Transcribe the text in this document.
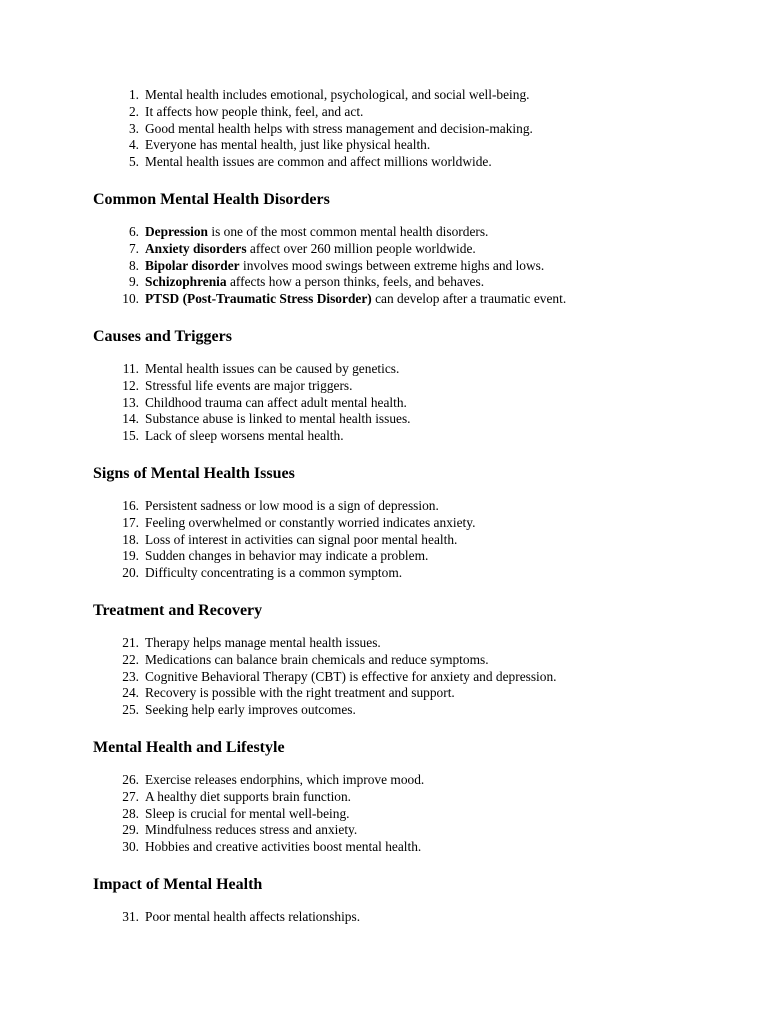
1. Mental health includes emotional, psychological, and social well-being.
2. It affects how people think, feel, and act.
3. Good mental health helps with stress management and decision-making.
4. Everyone has mental health, just like physical health.
5. Mental health issues are common and affect millions worldwide.
Common Mental Health Disorders
6. Depression is one of the most common mental health disorders.
7. Anxiety disorders affect over 260 million people worldwide.
8. Bipolar disorder involves mood swings between extreme highs and lows.
9. Schizophrenia affects how a person thinks, feels, and behaves.
10. PTSD (Post-Traumatic Stress Disorder) can develop after a traumatic event.
Causes and Triggers
11. Mental health issues can be caused by genetics.
12. Stressful life events are major triggers.
13. Childhood trauma can affect adult mental health.
14. Substance abuse is linked to mental health issues.
15. Lack of sleep worsens mental health.
Signs of Mental Health Issues
16. Persistent sadness or low mood is a sign of depression.
17. Feeling overwhelmed or constantly worried indicates anxiety.
18. Loss of interest in activities can signal poor mental health.
19. Sudden changes in behavior may indicate a problem.
20. Difficulty concentrating is a common symptom.
Treatment and Recovery
21. Therapy helps manage mental health issues.
22. Medications can balance brain chemicals and reduce symptoms.
23. Cognitive Behavioral Therapy (CBT) is effective for anxiety and depression.
24. Recovery is possible with the right treatment and support.
25. Seeking help early improves outcomes.
Mental Health and Lifestyle
26. Exercise releases endorphins, which improve mood.
27. A healthy diet supports brain function.
28. Sleep is crucial for mental well-being.
29. Mindfulness reduces stress and anxiety.
30. Hobbies and creative activities boost mental health.
Impact of Mental Health
31. Poor mental health affects relationships.
